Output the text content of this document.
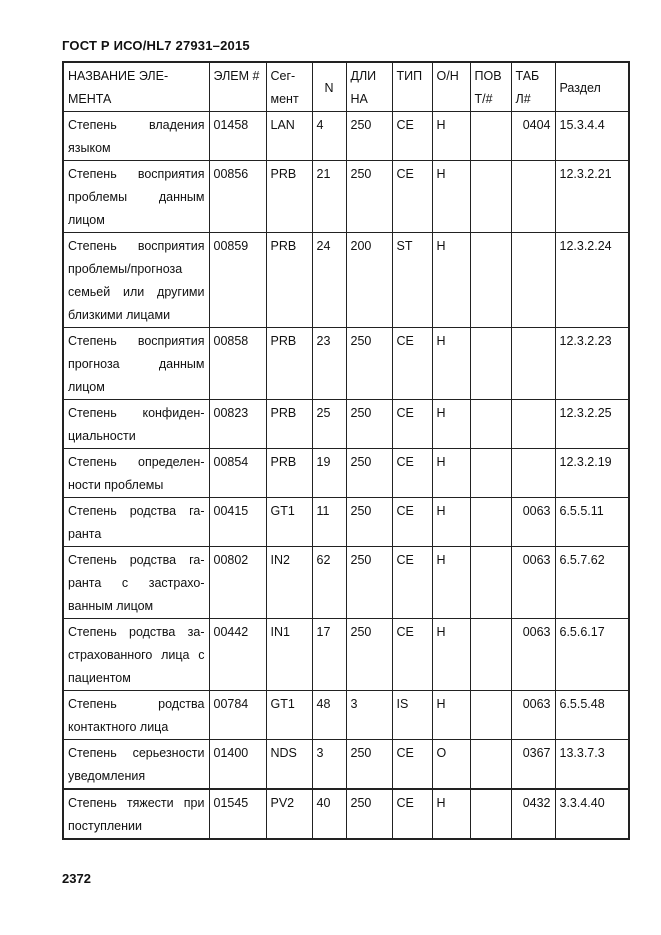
ГОСТ Р ИСО/HL7 27931–2015
НАЗВАНИЕ ЭЛЕ-МЕНТА	ЭЛЕМ #	Сег-мент	N	ДЛИ НА	ТИП	О/Н	ПОВ Т/#	ТАБ Л#	Раздел
Степень владения языком	01458	LAN	4	250	CE	Н		0404	15.3.4.4
Степень восприятия проблемы данным лицом	00856	PRB	21	250	CE	Н			12.3.2.21
Степень восприятия проблемы/прогноза семьей или другими близкими лицами	00859	PRB	24	200	ST	Н			12.3.2.24
Степень восприятия прогноза данным лицом	00858	PRB	23	250	CE	Н			12.3.2.23
Степень конфиден-циальности	00823	PRB	25	250	CE	Н			12.3.2.25
Степень определен-ности проблемы	00854	PRB	19	250	CE	Н			12.3.2.19
Степень родства га-ранта	00415	GT1	11	250	CE	Н		0063	6.5.5.11
Степень родства га-ранта с застрахо-ванным лицом	00802	IN2	62	250	CE	Н		0063	6.5.7.62
Степень родства за-страхованного лица с пациентом	00442	IN1	17	250	CE	Н		0063	6.5.6.17
Степень родства контактного лица	00784	GT1	48	3	IS	Н		0063	6.5.5.48
Степень серьезности уведомления	01400	NDS	3	250	CE	О		0367	13.3.7.3
Степень тяжести при поступлении	01545	PV2	40	250	CE	Н		0432	3.3.4.40
2372
